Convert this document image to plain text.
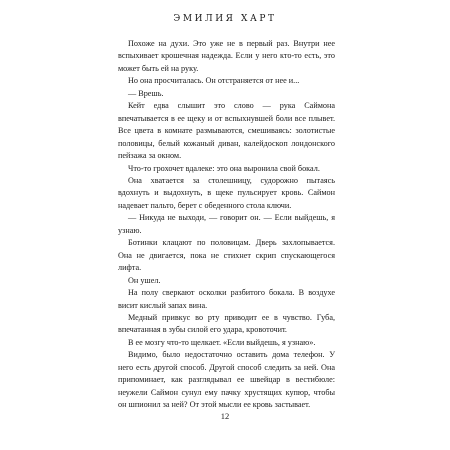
ЭМИЛИЯ ХАРТ

Похоже на духи. Это уже не в первый раз. Внутри нее вспыхивает крошечная надежда. Если у него кто-то есть, это может быть ей на руку.

Но она просчиталась. Он отстраняется от нее и...

— Врешь.

Кейт едва слышит это слово — рука Саймона впечатывается в ее щеку и от вспыхнувшей боли все плывет. Все цвета в комнате размываются, смешиваясь: золотистые половицы, белый кожаный диван, калейдоскоп лондонского пейзажа за окном.

Что-то грохочет вдалеке: это она выронила свой бокал.

Она хватается за столешницу, судорожно пытаясь вдохнуть и выдохнуть, в щеке пульсирует кровь. Саймон надевает пальто, берет с обеденного стола ключи.

— Никуда не выходи, — говорит он. — Если выйдешь, я узнаю.

Ботинки клацают по половицам. Дверь захлопывается. Она не двигается, пока не стихнет скрип спускающегося лифта.

Он ушел.

На полу сверкают осколки разбитого бокала. В воздухе висит кислый запах вина.

Медный привкус во рту приводит ее в чувство. Губа, впечатанная в зубы силой его удара, кровоточит.

В ее мозгу что-то щелкает. «Если выйдешь, я узнаю».

Видимо, было недостаточно оставить дома телефон. У него есть другой способ. Другой способ следить за ней. Она припоминает, как разглядывал ее швейцар в вестибюле: неужели Саймон сунул ему пачку хрустящих купюр, чтобы он шпионил за ней? От этой мысли ее кровь застывает.

12
